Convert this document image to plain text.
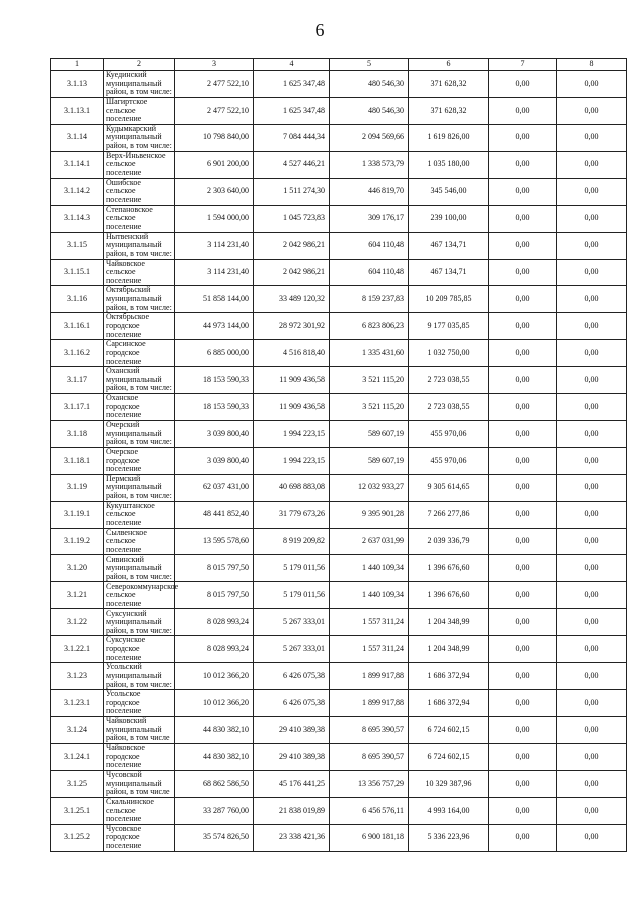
6
1	2	3	4	5	6	7	8
3.1.13	Куединский муниципальный район, в том числе:	2 477 522,10	1 625 347,48	480 546,30	371 628,32	0,00	0,00
3.1.13.1	Шагиртское сельское поселение	2 477 522,10	1 625 347,48	480 546,30	371 628,32	0,00	0,00
3.1.14	Кудымкарский муниципальный район, в том числе:	10 798 840,00	7 084 444,34	2 094 569,66	1 619 826,00	0,00	0,00
3.1.14.1	Верх-Иньвенское сельское поселение	6 901 200,00	4 527 446,21	1 338 573,79	1 035 180,00	0,00	0,00
3.1.14.2	Ошибское сельское поселение	2 303 640,00	1 511 274,30	446 819,70	345 546,00	0,00	0,00
3.1.14.3	Степановское сельское поселение	1 594 000,00	1 045 723,83	309 176,17	239 100,00	0,00	0,00
3.1.15	Нытвенский муниципальный район, в том числе:	3 114 231,40	2 042 986,21	604 110,48	467 134,71	0,00	0,00
3.1.15.1	Чайковское сельское поселение	3 114 231,40	2 042 986,21	604 110,48	467 134,71	0,00	0,00
3.1.16	Октябрьский муниципальный район, в том числе:	51 858 144,00	33 489 120,32	8 159 237,83	10 209 785,85	0,00	0,00
3.1.16.1	Октябрьское городское поселение	44 973 144,00	28 972 301,92	6 823 806,23	9 177 035,85	0,00	0,00
3.1.16.2	Сарсинское городское поселение	6 885 000,00	4 516 818,40	1 335 431,60	1 032 750,00	0,00	0,00
3.1.17	Оханский муниципальный район, в том числе:	18 153 590,33	11 909 436,58	3 521 115,20	2 723 038,55	0,00	0,00
3.1.17.1	Оханское городское поселение	18 153 590,33	11 909 436,58	3 521 115,20	2 723 038,55	0,00	0,00
3.1.18	Очерский муниципальный район, в том числе:	3 039 800,40	1 994 223,15	589 607,19	455 970,06	0,00	0,00
3.1.18.1	Очерское городское поселение	3 039 800,40	1 994 223,15	589 607,19	455 970,06	0,00	0,00
3.1.19	Пермский муниципальный район, в том числе:	62 037 431,00	40 698 883,08	12 032 933,27	9 305 614,65	0,00	0,00
3.1.19.1	Кукуштанское сельское поселение	48 441 852,40	31 779 673,26	9 395 901,28	7 266 277,86	0,00	0,00
3.1.19.2	Сылвенское сельское поселение	13 595 578,60	8 919 209,82	2 637 031,99	2 039 336,79	0,00	0,00
3.1.20	Сивинский муниципальный район, в том числе:	8 015 797,50	5 179 011,56	1 440 109,34	1 396 676,60	0,00	0,00
3.1.21	Северокоммунарское сельское поселение	8 015 797,50	5 179 011,56	1 440 109,34	1 396 676,60	0,00	0,00
3.1.22	Суксунский муниципальный район, в том числе:	8 028 993,24	5 267 333,01	1 557 311,24	1 204 348,99	0,00	0,00
3.1.22.1	Суксунское городское поселение	8 028 993,24	5 267 333,01	1 557 311,24	1 204 348,99	0,00	0,00
3.1.23	Усольский муниципальный район, в том числе:	10 012 366,20	6 426 075,38	1 899 917,88	1 686 372,94	0,00	0,00
3.1.23.1	Усольское городское поселение	10 012 366,20	6 426 075,38	1 899 917,88	1 686 372,94	0,00	0,00
3.1.24	Чайковский муниципальный район, в том числе	44 830 382,10	29 410 389,38	8 695 390,57	6 724 602,15	0,00	0,00
3.1.24.1	Чайковское городское поселение	44 830 382,10	29 410 389,38	8 695 390,57	6 724 602,15	0,00	0,00
3.1.25	Чусовской муниципальный район, в том числе	68 862 586,50	45 176 441,25	13 356 757,29	10 329 387,96	0,00	0,00
3.1.25.1	Скальнинское сельское поселение	33 287 760,00	21 838 019,89	6 456 576,11	4 993 164,00	0,00	0,00
3.1.25.2	Чусовское городское поселение	35 574 826,50	23 338 421,36	6 900 181,18	5 336 223,96	0,00	0,00
